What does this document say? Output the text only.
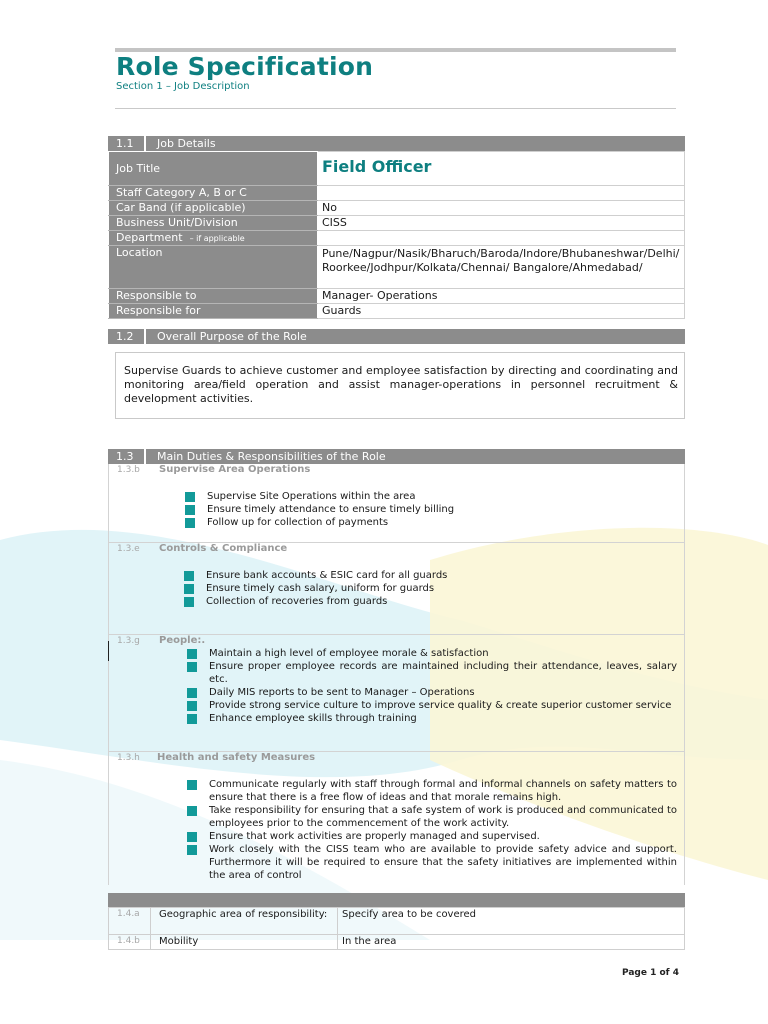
Role Specification
Section 1 – Job Description
1.1	Job Details
Job Title	Field Officer

Staff Category A, B or C	
Car Band (if applicable)	No
Business Unit/Division	CISS
Department – if applicable	
Location	Pune/Nagpur/Nasik/Bharuch/Baroda/Indore/Bhubaneshwar/Delhi/Roorkee/Jodhpur/Kolkata/Chennai/ Bangalore/Ahmedabad/
Responsible to	Manager- Operations
Responsible for	Guards
1.2	Overall Purpose of the Role
Supervise Guards to achieve customer and employee satisfaction by directing and coordinating and monitoring area/field operation and assist manager-operations in personnel recruitment & development activities.
1.3	Main Duties & Responsibilities of the Role
1.3.b Supervise Area Operations
Supervise Site Operations within the area
Ensure timely attendance to ensure timely billing
Follow up for collection of payments
1.3.e Controls & Compliance
Ensure bank accounts & ESIC card for all guards
Ensure timely cash salary, uniform for guards
Collection of recoveries from guards
1.3.g People:.
Maintain a high level of employee morale & satisfaction
Ensure proper employee records are maintained including their attendance, leaves, salary etc.
Daily MIS reports to be sent to Manager – Operations
Provide strong service culture to improve service quality & create superior customer service
Enhance employee skills through training
1.3.h Health and safety Measures
Communicate regularly with staff through formal and informal channels on safety matters to ensure that there is a free flow of ideas and that morale remains high.
Take responsibility for ensuring that a safe system of work is produced and communicated to employees prior to the commencement of the work activity.
Ensure that work activities are properly managed and supervised.
Work closely with the CISS team who are available to provide safety advice and support. Furthermore it will be required to ensure that the safety initiatives are implemented within the area of control
1.4.a	Geographic area of responsibility:	Specify area to be covered
1.4.b	Mobility	In the area
Page 1 of 4
